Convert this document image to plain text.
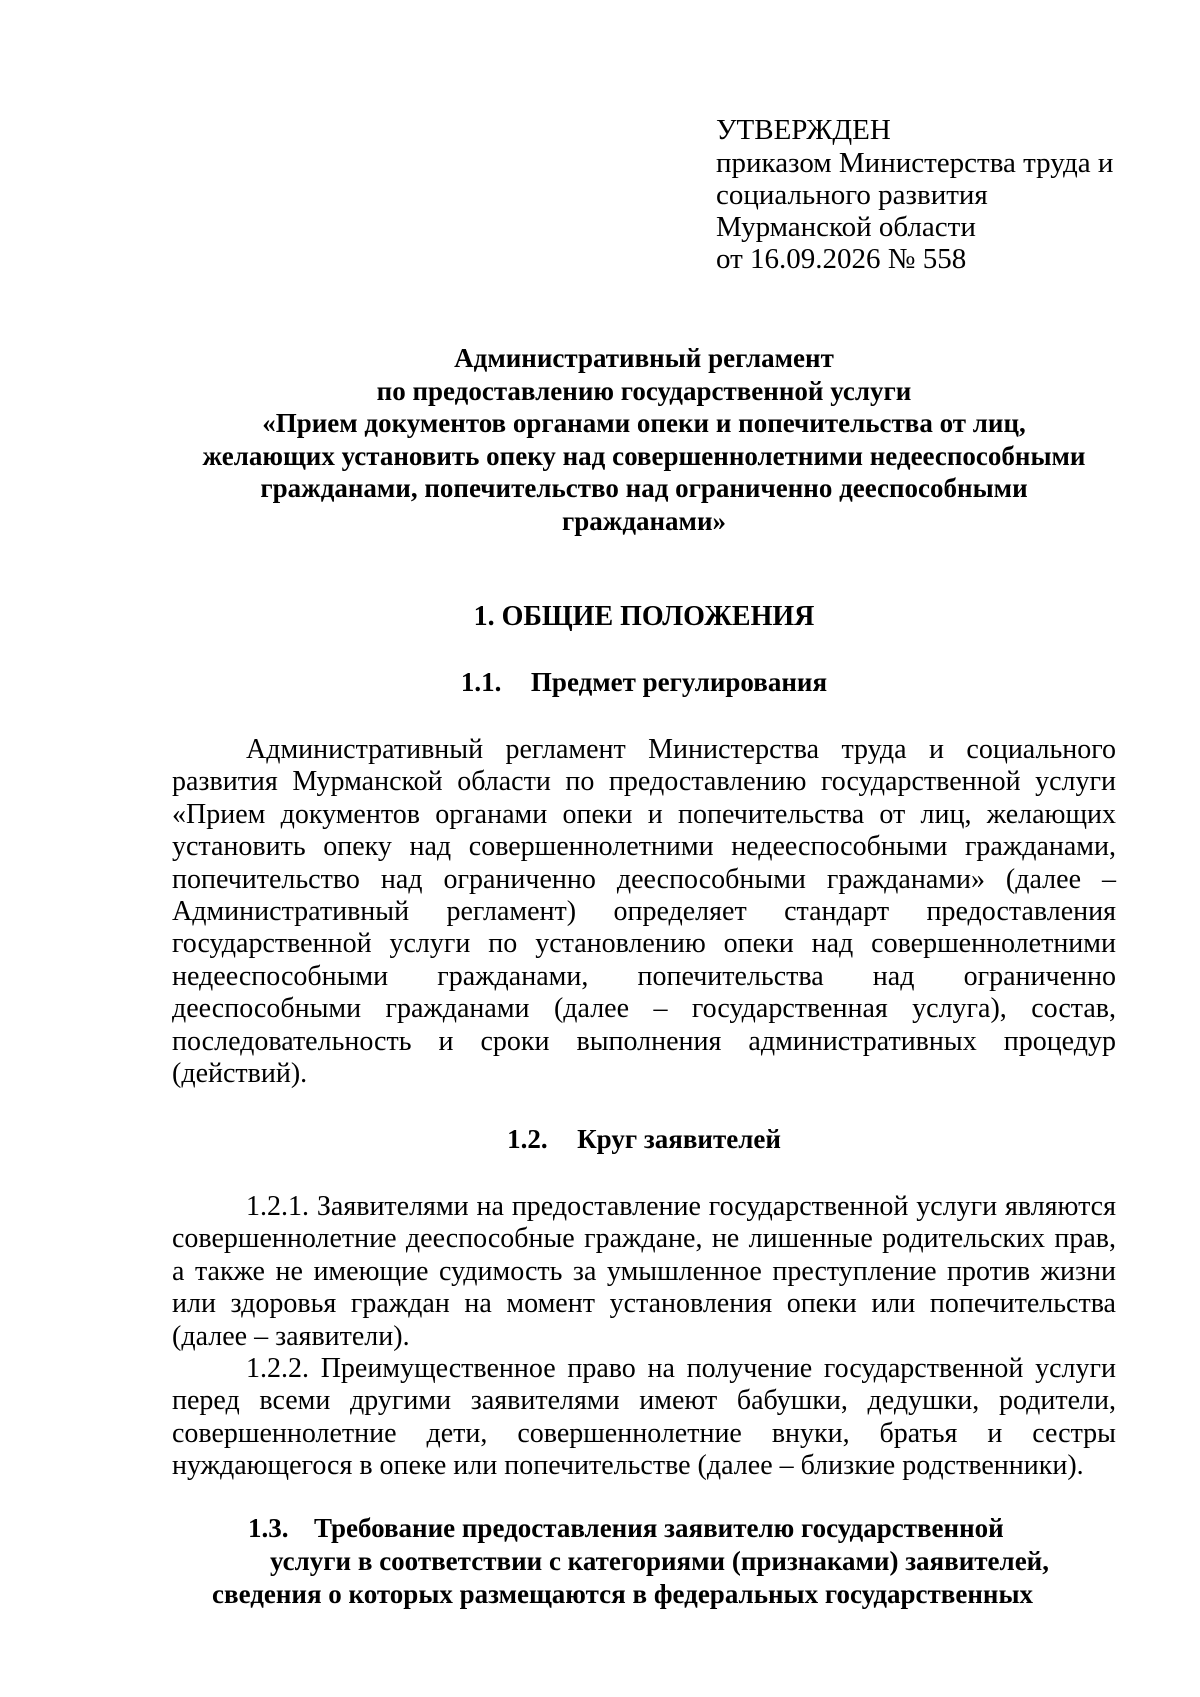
УТВЕРЖДЕН
приказом Министерства труда и
социального развития
Мурманской области
от 16.09.2026 № 558
Административный регламент
по предоставлению государственной услуги
«Прием документов органами опеки и попечительства от лиц,
желающих установить опеку над совершеннолетними недееспособными
гражданами, попечительство над ограниченно дееспособными
гражданами»
1. ОБЩИЕ ПОЛОЖЕНИЯ
1.1. Предмет регулирования
Административный регламент Министерства труда и социального
развития Мурманской области по предоставлению государственной услуги
«Прием документов органами опеки и попечительства от лиц, желающих
установить опеку над совершеннолетними недееспособными гражданами,
попечительство над ограниченно дееспособными гражданами» (далее –
Административный регламент) определяет стандарт предоставления
государственной услуги по установлению опеки над совершеннолетними
недееспособными гражданами, попечительства над ограниченно
дееспособными гражданами (далее – государственная услуга), состав,
последовательность и сроки выполнения административных процедур
(действий).
1.2. Круг заявителей
1.2.1. Заявителями на предоставление государственной услуги являются
совершеннолетние дееспособные граждане, не лишенные родительских прав,
а также не имеющие судимость за умышленное преступление против жизни
или здоровья граждан на момент установления опеки или попечительства
(далее – заявители).
1.2.2. Преимущественное право на получение государственной услуги
перед всеми другими заявителями имеют бабушки, дедушки, родители,
совершеннолетние дети, совершеннолетние внуки, братья и сестры
нуждающегося в опеке или попечительстве (далее – близкие родственники).
1.3. Требование предоставления заявителю государственной
услуги в соответствии с категориями (признаками) заявителей,
сведения о которых размещаются в федеральных государственных
